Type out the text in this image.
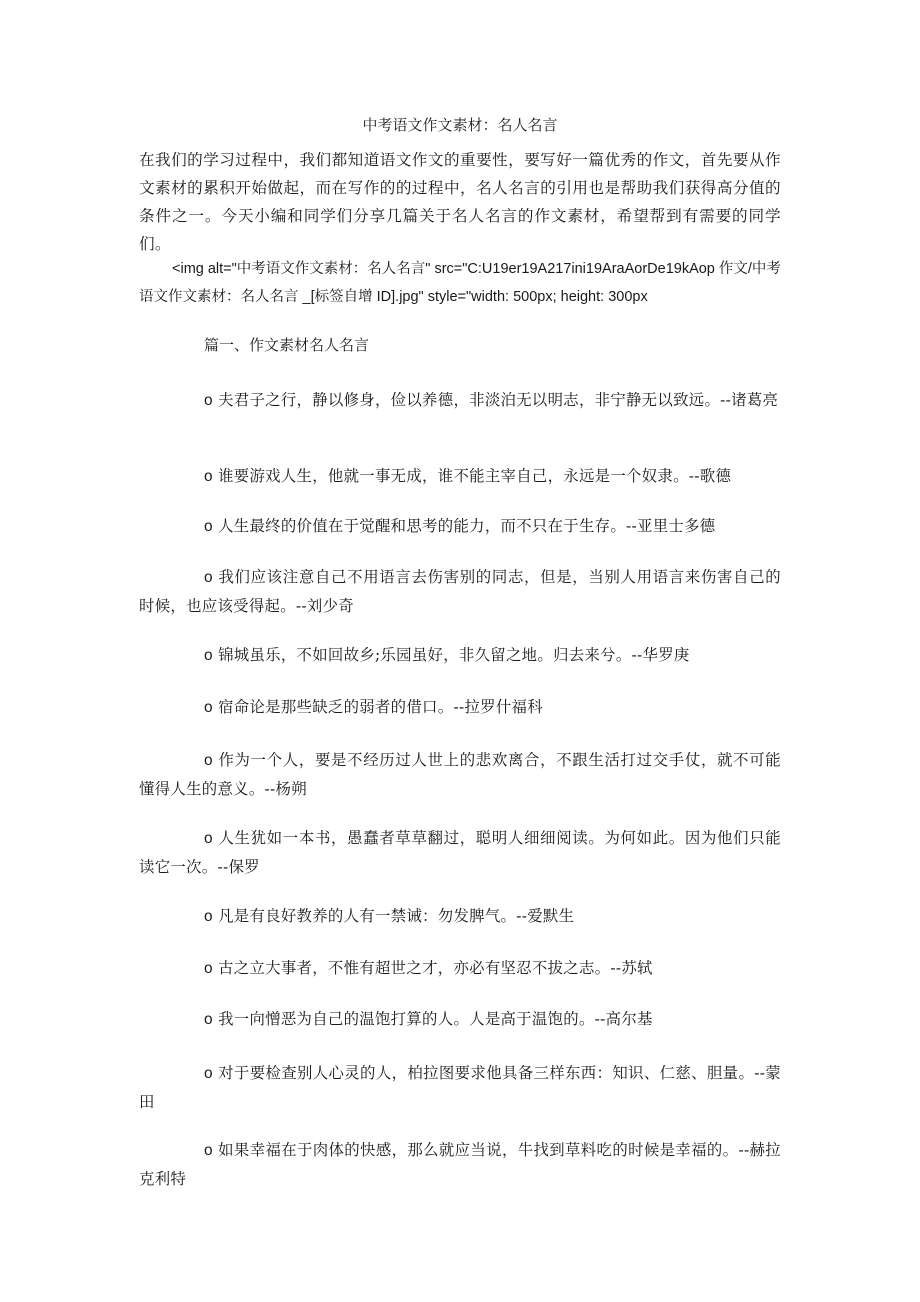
中考语文作文素材：名人名言
在我们的学习过程中，我们都知道语文作文的重要性，要写好一篇优秀的作文，首先要从作文素材的累积开始做起，而在写作的的过程中，名人名言的引用也是帮助我们获得高分值的条件之一。今天小编和同学们分享几篇关于名人名言的作文素材，希望帮到有需要的同学们。
<img alt="中考语文作文素材：名人名言" src="C:U19er19A217ini19AraAorDe19kAop 作文/中考语文作文素材：名人名言 _[标签自增 ID].jpg" style="width: 500px; height: 300px
篇一、作文素材名人名言
o 夫君子之行，静以修身，俭以养德，非淡泊无以明志，非宁静无以致远。--诸葛亮
o 谁要游戏人生，他就一事无成，谁不能主宰自己，永远是一个奴隶。--歌德
o 人生最终的价值在于觉醒和思考的能力，而不只在于生存。--亚里士多德
o 我们应该注意自己不用语言去伤害别的同志，但是，当别人用语言来伤害自己的时候，也应该受得起。--刘少奇
o 锦城虽乐，不如回故乡;乐园虽好，非久留之地。归去来兮。--华罗庚
o 宿命论是那些缺乏的弱者的借口。--拉罗什福科
o 作为一个人，要是不经历过人世上的悲欢离合，不跟生活打过交手仗，就不可能懂得人生的意义。--杨朔
o 人生犹如一本书，愚蠢者草草翻过，聪明人细细阅读。为何如此。因为他们只能读它一次。--保罗
o 凡是有良好教养的人有一禁诫：勿发脾气。--爱默生
o 古之立大事者，不惟有超世之才，亦必有坚忍不拔之志。--苏轼
o 我一向憎恶为自己的温饱打算的人。人是高于温饱的。--高尔基
o 对于要检查别人心灵的人，柏拉图要求他具备三样东西：知识、仁慈、胆量。--蒙田
o 如果幸福在于肉体的快感，那么就应当说，牛找到草料吃的时候是幸福的。--赫拉克利特
